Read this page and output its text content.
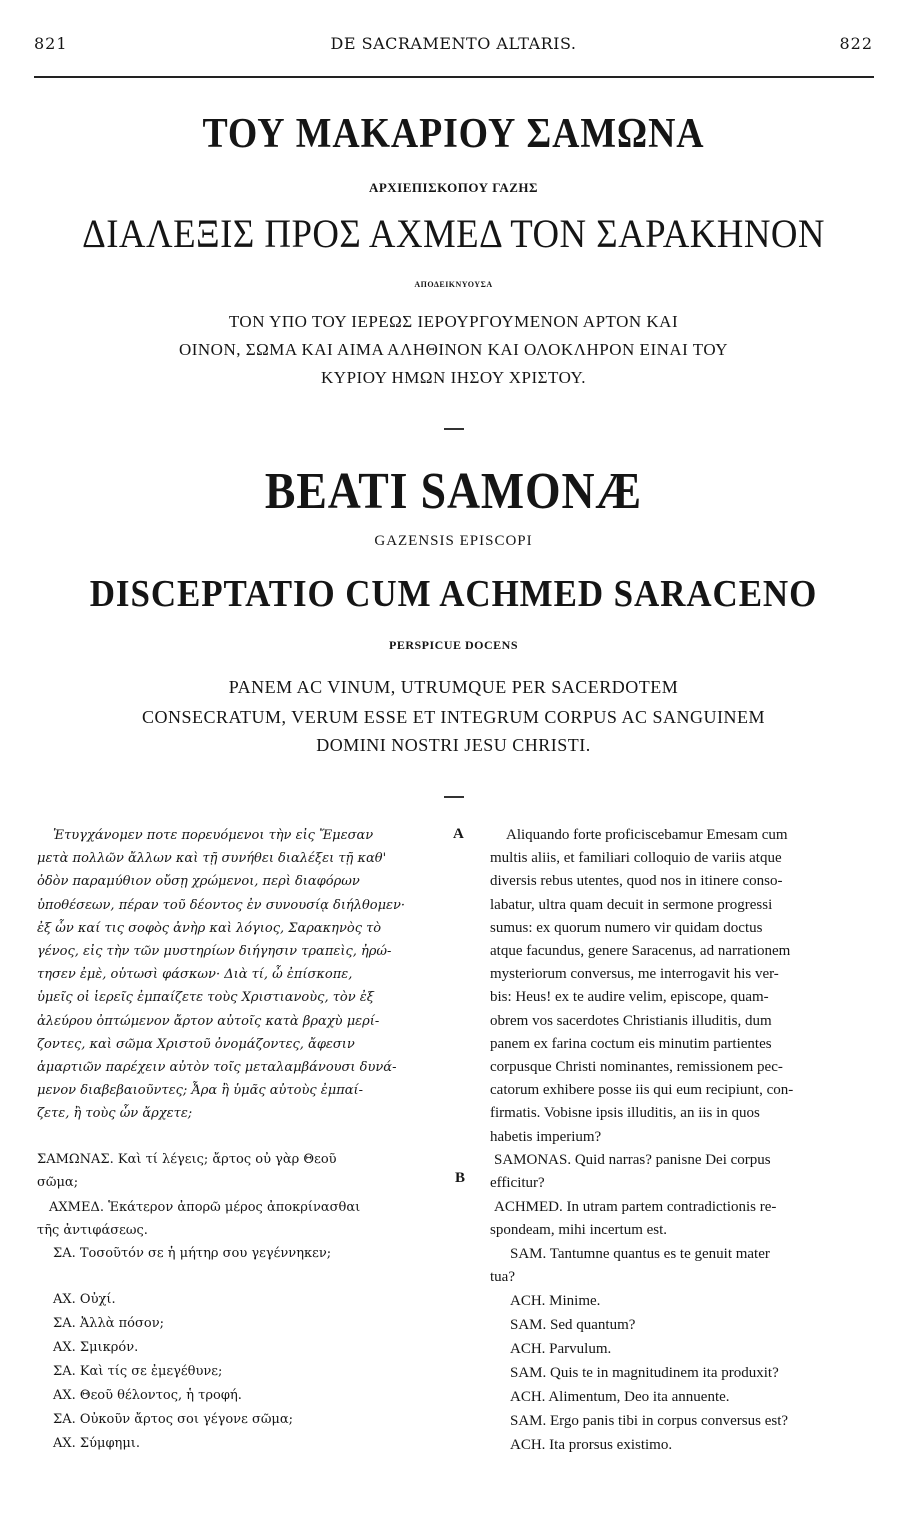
821	DE SACRAMENTO ALTARIS.	822
ΤΟΥ ΜΑΚΑΡΙΟΥ ΣΑΜΩΝΑ
ΑΡΧΙΕΠΙΣΚΟΠΟΥ ΓΑΖΗΣ
ΔΙΑΛΕΞΙΣ ΠΡΟΣ ΑΧΜΕΔ ΤΟΝ ΣΑΡΑΚΗΝΟΝ
ΑΠΟΔΕΙΚΝΥΟΥΣΑ
ΤΟΝ ΥΠΟ ΤΟΥ ΙΕΡΕΩΣ ΙΕΡΟΥΡΓΟΥΜΕΝΟΝ ΑΡΤΟΝ ΚΑΙ
ΟΙΝΟΝ, ΣΩΜΑ ΚΑΙ ΑΙΜΑ ΑΛΗΘΙΝΟΝ ΚΑΙ ΟΛΟΚΛΗΡΟΝ ΕΙΝΑΙ ΤΟΥ
ΚΥΡΙΟΥ ΗΜΩΝ ΙΗΣΟΥ ΧΡΙΣΤΟΥ.
BEATI SAMONÆ
GAZENSIS EPISCOPI
DISCEPTATIO CUM ACHMED SARACENO
PERSPICUE DOCENS
PANEM AC VINUM, UTRUMQUE PER SACERDOTEM
CONSECRATUM, VERUM ESSE ET INTEGRUM CORPUS AC SANGUINEM
DOMINI NOSTRI JESU CHRISTI.
A
B
Ἐτυγχάνομεν ποτε πορευόμενοι τὴν εἰς Ἔμεσαν
μετὰ πολλῶν ἄλλων καὶ τῇ συνήθει διαλέξει τῇ καθ'
ὁδὸν παραμύθιον οὔσῃ χρώμενοι, περὶ διαφόρων
ὑποθέσεων, πέραν τοῦ δέοντος ἐν συνουσίᾳ διήλθομεν·
ἐξ ὧν καί τις σοφὸς ἀνὴρ καὶ λόγιος, Σαρακηνὸς τὸ
γένος, εἰς τὴν τῶν μυστηρίων διήγησιν τραπεὶς, ἠρώ-
τησεν ἐμὲ, οὑτωσὶ φάσκων· Διὰ τί, ὦ ἐπίσκοπε,
ὑμεῖς οἱ ἱερεῖς ἐμπαίζετε τοὺς Χριστιανοὺς, τὸν ἐξ
ἀλεύρου ὀπτώμενον ἄρτον αὐτοῖς κατὰ βραχὺ μερί-
ζοντες, καὶ σῶμα Χριστοῦ ὀνομάζοντες, ἄφεσιν
ἁμαρτιῶν παρέχειν αὐτὸν τοῖς μεταλαμβάνουσι δυνά-
μενον διαβεβαιοῦντες; Ἆρα ἢ ὑμᾶς αὐτοὺς ἐμπαί-
ζετε, ἢ τοὺς ὧν ἄρχετε;
ΣΑΜΩΝΑΣ. Καὶ τί λέγεις; ἄρτος οὐ γὰρ Θεοῦ
σῶμα;
ΑΧΜΕΔ. Ἑκάτερον ἀπορῶ μέρος ἀποκρίνασθαι
τῆς ἀντιφάσεως.
ΣΑ. Τοσοῦτόν σε ἡ μήτηρ σου γεγέννηκεν;
ΑΧ. Οὐχί.
ΣΑ. Ἀλλὰ πόσον;
ΑΧ. Σμικρόν.
ΣΑ. Καὶ τίς σε ἐμεγέθυνε;
ΑΧ. Θεοῦ θέλοντος, ἡ τροφή.
ΣΑ. Οὐκοῦν ἄρτος σοι γέγονε σῶμα;
ΑΧ. Σύμφημι.
Aliquando forte proficiscebamur Emesam cum
multis aliis, et familiari colloquio de variis atque
diversis rebus utentes, quod nos in itinere conso-
labatur, ultra quam decuit in sermone progressi
sumus: ex quorum numero vir quidam doctus
atque facundus, genere Saracenus, ad narrationem
mysteriorum conversus, me interrogavit his ver-
bis: Heus! ex te audire velim, episcope, quam-
obrem vos sacerdotes Christianis illuditis, dum
panem ex farina coctum eis minutim partientes
corpusque Christi nominantes, remissionem pec-
catorum exhibere posse iis qui eum recipiunt, con-
firmatis. Vobisne ipsis illuditis, an iis in quos
habetis imperium?
SAMONAS. Quid narras? panisne Dei corpus
efficitur?
ACHMED. In utram partem contradictionis re-
spondeam, mihi incertum est.
SAM. Tantumne quantus es te genuit mater
tua?
ACH. Minime.
SAM. Sed quantum?
ACH. Parvulum.
SAM. Quis te in magnitudinem ita produxit?
ACH. Alimentum, Deo ita annuente.
SAM. Ergo panis tibi in corpus conversus est?
ACH. Ita prorsus existimo.
